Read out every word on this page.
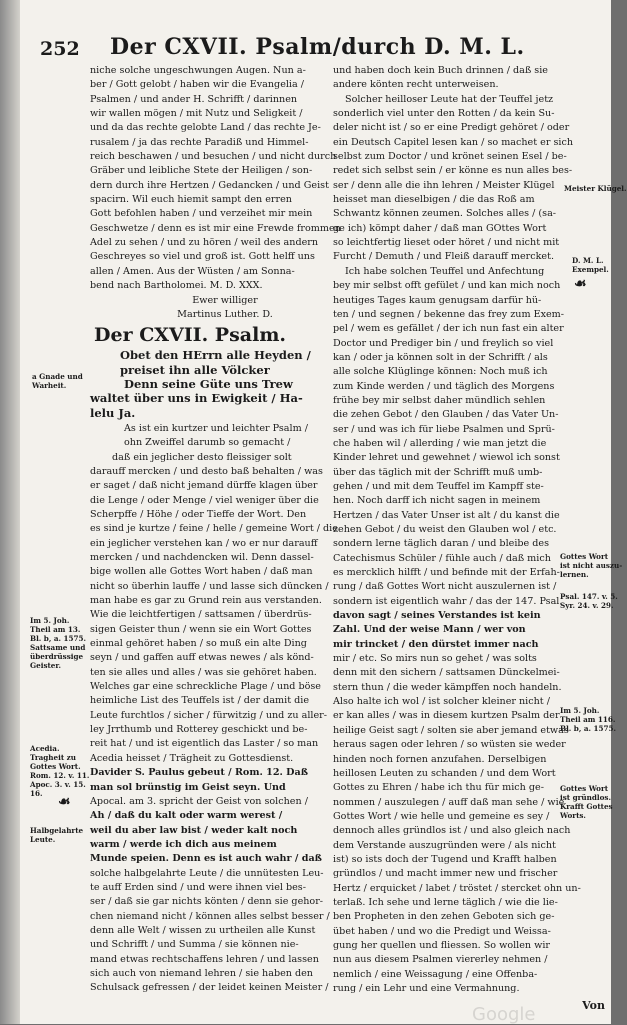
252 Der CXVII. Psalm/durch D. M. L.
niche solche ungeschwungen Augen. Nun a-
ber / Gott gelobt / haben wir die Evangelia /
Psalmen / und ander H. Schrifft / darinnen
wir wallen mögen / mit Nutz und Seligkeit /
und da das rechte gelobte Land / das rechte Je-
rusalem / ja das rechte Paradiß und Himmel-
reich beschawen / und besuchen / und nicht durch
Gräber und leibliche Stete der Heiligen / son-
dern durch ihre Hertzen / Gedancken / und Geist
spacirn. Wil euch hiemit sampt den erren
Gott befohlen haben / und verzeihet mir mein
Geschwetze / denn es ist mir eine Frewde frommen
Adel zu sehen / und zu hören / weil des andern
Geschreyes so viel und groß ist. Gott helff uns
allen / Amen. Aus der Wüsten / am Sonna-
bend nach Bartholomei. M. D. XXX.
Ewer williger
Martinus Luther. D.
Der CXVII. Psalm.
Obet den HErrn alle Heyden /
preiset ihn alle Völcker
Denn seine Güte uns Trew
waltet über uns in Ewigkeit / Ha-
lelu Ja.
As ist ein kurtzer und leichter Psalm /
ohn Zweiffel darumb so gemacht /
daß ein jeglicher desto fleissiger solt
darauff mercken / und desto baß behalten / was
er saget / daß nicht jemand dürffe klagen über
die Lenge / oder Menge / viel weniger über die
Scherpffe / Höhe / oder Tieffe der Wort. Den
es sind je kurtze / feine / helle / gemeine Wort / die
ein jeglicher verstehen kan / wo er nur darauff
mercken / und nachdencken wil. Denn dassel-
bige wollen alle Gottes Wort haben / daß man
nicht so überhin lauffe / und lasse sich düncken /
man habe es gar zu Grund rein aus verstanden.
Wie die leichtfertigen / sattsamen / überdrüs-
sigen Geister thun / wenn sie ein Wort Gottes
einmal gehöret haben / so muß ein alte Ding
seyn / und gaffen auff etwas newes / als könd-
ten sie alles und alles / was sie gehöret haben.
Welches gar eine schreckliche Plage / und böse
heimliche List des Teuffels ist / der damit die
Leute furchtlos / sicher / fürwitzig / und zu aller-
ley Jrrthumb und Rotterey geschickt und be-
reit hat / und ist eigentlich das Laster / so man
Acedia heisset / Trägheit zu Gottesdienst.
Davider S. Paulus gebeut / Rom. 12. Daß
man sol brünstig im Geist seyn. Und
Apocal. am 3. spricht der Geist von solchen /
Ah / daß du kalt oder warm werest /
weil du aber law bist / weder kalt noch
warm / werde ich dich aus meinem
Munde speien. Denn es ist auch wahr / daß
solche halbgelahrte Leute / die unnütesten Leu-
te auff Erden sind / und were ihnen viel bes-
ser / daß sie gar nichts könten / denn sie gehor-
chen niemand nicht / können alles selbst besser /
denn alle Welt / wissen zu urtheilen alle Kunst
und Schrifft / und Summa / sie können nie-
mand etwas rechtschaffens lehren / und lassen
sich auch von niemand lehren / sie haben den
Schulsack gefressen / der leidet keinen Meister /
und haben doch kein Buch drinnen / daß sie
andere könten recht unterweisen.
Solcher heilloser Leute hat der Teuffel jetz
sonderlich viel unter den Rotten / da kein Su-
deler nicht ist / so er eine Predigt gehöret / oder
ein Deutsch Capitel lesen kan / so machet er sich
selbst zum Doctor / und krönet seinen Esel / be-
redet sich selbst sein / er könne es nun alles bes-
ser / denn alle die ihn lehren / Meister Klügel
heisset man dieselbigen / die das Roß am
Schwantz können zeumen. Solches alles / (sa-
ge ich) kömpt daher / daß man GOttes Wort
so leichtfertig lieset oder höret / und nicht mit
Furcht / Demuth / und Fleiß darauff mercket.
Ich habe solchen Teuffel und Anfechtung
bey mir selbst offt gefület / und kan mich noch
heutiges Tages kaum genugsam darfür hü-
ten / und segnen / bekenne das frey zum Exem-
pel / wem es gefället / der ich nun fast ein alter
Doctor und Prediger bin / und freylich so viel
kan / oder ja können solt in der Schrifft / als
alle solche Klüglinge können: Noch muß ich
zum Kinde werden / und täglich des Morgens
frühe bey mir selbst daher mündlich sehlen
die zehen Gebot / den Glauben / das Vater Un-
ser / und was ich für liebe Psalmen und Sprü-
che haben wil / allerding / wie man jetzt die
Kinder lehret und gewehnet / wiewol ich sonst
über das täglich mit der Schrifft muß umb-
gehen / und mit dem Teuffel im Kampff ste-
hen. Noch darff ich nicht sagen in meinem
Hertzen / das Vater Unser ist alt / du kanst die
zehen Gebot / du weist den Glauben wol / etc.
sondern lerne täglich daran / und bleibe des
Catechismus Schüler / fühle auch / daß mich
es mercklich hilfft / und befinde mit der Erfah-
rung / daß Gottes Wort nicht auszulernen ist /
sondern ist eigentlich wahr / das der 147. Psal.
davon sagt / seines Verstandes ist kein
Zahl. Und der weise Mann / wer von
mir trincket / den dürstet immer nach
mir / etc. So mirs nun so gehet / was solts
denn mit den sichern / sattsamen Dünckelmei-
stern thun / die weder kämpffen noch handeln.
Also halte ich wol / ist solcher kleiner nicht /
er kan alles / was in diesem kurtzen Psalm der
heilige Geist sagt / solten sie aber jemand etwas
heraus sagen oder lehren / so wüsten sie weder
hinden noch fornen anzufahen. Derselbigen
heillosen Leuten zu schanden / und dem Wort
Gottes zu Ehren / habe ich thu für mich ge-
nommen / auszulegen / auff daß man sehe / wie
Gottes Wort / wie helle und gemeine es sey /
dennoch alles gründlos ist / und also gleich nach
dem Verstande auszugründen were / als nicht
ist) so ists doch der Tugend und Krafft halben
gründlos / und macht immer new und frischer
Hertz / erquicket / labet / tröstet / stercket ohn un-
terlaß. Ich sehe und lerne täglich / wie die lie-
ben Propheten in den zehen Geboten sich ge-
übet haben / und wo die Predigt und Weissa-
gung her quellen und fliessen. So wollen wir
nun aus diesem Psalmen viererley nehmen /
nemlich / eine Weissagung / eine Offenba-
rung / ein Lehr und eine Vermahnung.
a Gnade und
Warheit.
Im 5. Joh.
Theil am 13.
Bl. b, a. 1575.
Sattsame und
überdrüssige
Geister.
Acedia.
Tragheit zu
Gottes Wort.
Rom. 12. v. 11.
Apoc. 3. v. 15.
16.
☙
Halbgelahrte
Leute.
Meister Klügel.
D. M. L.
Exempel.
☙
Gottes Wort
ist nicht auszu-
lernen.
Psal. 147. v. 5.
Syr. 24. v. 29.
Im 5. Joh.
Theil am 116.
Bl. b, a. 1575.
Gottes Wort
ist gründlos.
Krafft Gottes
Worts.
Von
Google
